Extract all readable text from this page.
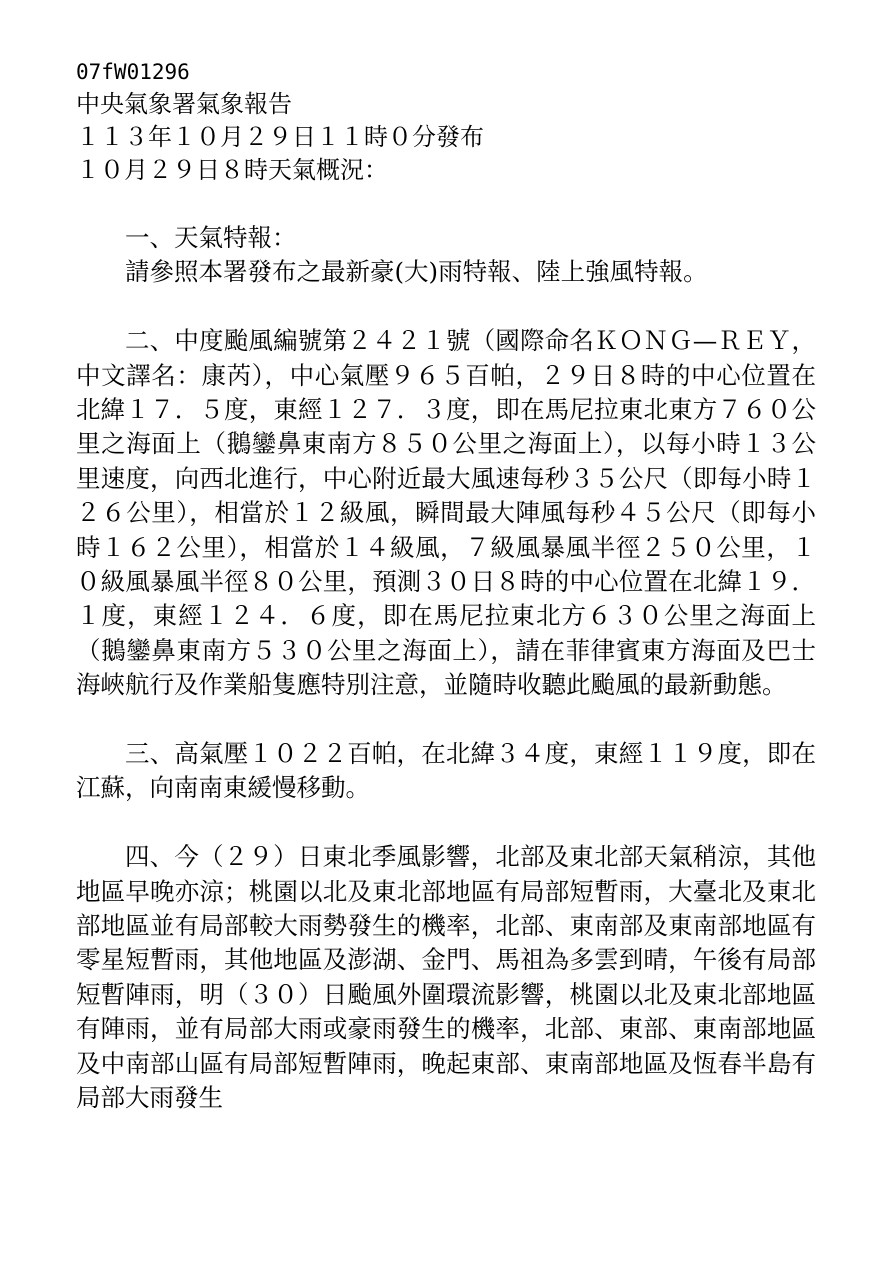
07fW01296
中央氣象署氣象報告
１１３年１０月２９日１１時０分發布
１０月２９日８時天氣概況：

一、天氣特報：

請參照本署發布之最新豪(大)雨特報、陸上強風特報。

二、中度颱風編號第２４２１號（國際命名ＫＯＮＧ—ＲＥＹ，中文譯名：康芮），中心氣壓９６５百帕，２９日８時的中心位置在北緯１７．５度，東經１２７．３度，即在馬尼拉東北東方７６０公里之海面上（鵝鑾鼻東南方８５０公里之海面上），以每小時１３公里速度，向西北進行，中心附近最大風速每秒３５公尺（即每小時１２６公里），相當於１２級風，瞬間最大陣風每秒４５公尺（即每小時１６２公里），相當於１４級風，７級風暴風半徑２５０公里，１０級風暴風半徑８０公里，預測３０日８時的中心位置在北緯１９．１度，東經１２４．６度，即在馬尼拉東北方６３０公里之海面上（鵝鑾鼻東南方５３０公里之海面上），請在菲律賓東方海面及巴士海峽航行及作業船隻應特別注意，並隨時收聽此颱風的最新動態。

三、高氣壓１０２２百帕，在北緯３４度，東經１１９度，即在江蘇，向南南東緩慢移動。

四、今（２９）日東北季風影響，北部及東北部天氣稍涼，其他地區早晚亦涼；桃園以北及東北部地區有局部短暫雨，大臺北及東北部地區並有局部較大雨勢發生的機率，北部、東南部及東南部地區有零星短暫雨，其他地區及澎湖、金門、馬祖為多雲到晴，午後有局部短暫陣雨，明（３０）日颱風外圍環流影響，桃園以北及東北部地區有陣雨，並有局部大雨或豪雨發生的機率，北部、東部、東南部地區及中南部山區有局部短暫陣雨，晚起東部、東南部地區及恆春半島有局部大雨發生
